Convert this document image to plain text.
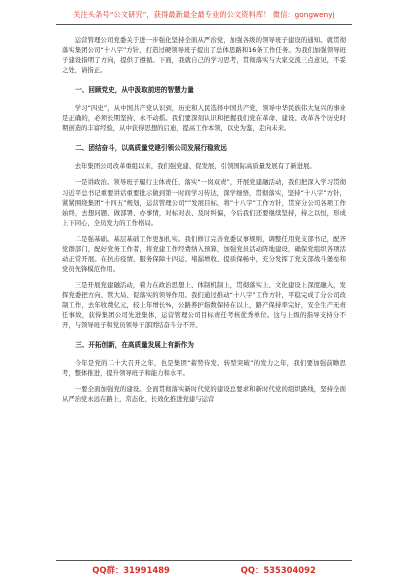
关注头条号“公文研究”，获得最新最全最专业的公文资料库！ 微信：gongwenyj

运营管理公司党委关于进一步强化坚持全面从严治党，加强各级的领导班子建设的通知。就贯彻落实集团公司“十八字”方针，打造过硬领导班子提出了总体思路和16条工作任务。为我们加强领导班子建设指明了方向，提供了遵循。下面，我就自己的学习思考，贯彻落实与大家交流三点意见，不妥之处，请指正。

一、回顾党史，从中汲取前进的智慧力量

学习“四史”，从中国共产党认识到，历史和人民选择中国共产党，领导中华民族伟大复兴的事业是正确的，必须长期坚持、永不动摇。我们要深刻认识和把握我们党在革命、建设、改革各个历史时期创造的丰富经验，从中获得思想的启迪，提高工作本领，以史为鉴，走向未来。

二、团结奋斗，以高质量党建引领公司发展行稳致远

去年集团公司改革重组以来，我们强党建、促发展，引领国际高质量发展有了新进展。

一是讲政治。领导班子履行主体责任，落实“一岗双责”，开展党建融活动，我们把深入学习贯彻习近平总书记重要讲话重要批示做到第一时间学习传达，深学细悟，贯彻落实，坚持“十八字”方针，紧紧围绕集团“十四五”规划，运营管理公司“”发展目标，将“十八字”工作方针，贯穿分公司各项工作始终，去想问题、做部署、办事情，对标对表、及时纠偏，今后我们还要继续坚持，持之以恒，形成上下同心，全员发力的工作格局。

二是强基础。基层基础工作更加扎实。我们修订完善党委议事规则，调整任用党支部书记，配齐党群部门，配好党务工作者，将党建工作经费纳入预算，加强党员活动阵地建设，确保党组织各项活动正常开展。在抗击疫情、服务保障十四运、堵漏增收、提质保畅中，充分发挥了党支部战斗堡垒和党员先锋模范作用。

三是开展党建融活动，着力在政治思想上、体制机制上，贯彻落实上、文化建设上深度融入，发挥党委把方向、管大局、促落实的领导作用。我们通过推动“十八字”工作方针，平稳完成了分公司改制工作，去年收费亿元，较上年增长%，公路养护指数保持在以上，路产保持率完好，安全生产无责任事故，获得集团公司先进集体，运营管理公司目标责任考核优秀单位。这与上级的指导支持分不开，与领导班子和党员领导干部团结奋斗分不开。

三、开拓创新，在高质量发展上有新作为

今年是党的二十大召开之年，也是集团“蓄势待发、转型突破”的发力之年，我们要加强前瞻思考，整体推进，提升领导班子和能力和水平。

一要全面加强党的建设。全面贯彻落实新时代党的建设总要求和新时代党的组织路线，坚持全面从严治党永远在路上，常态化、长效化推进党建与运营

QQ群：31991489	QQ：535304092
